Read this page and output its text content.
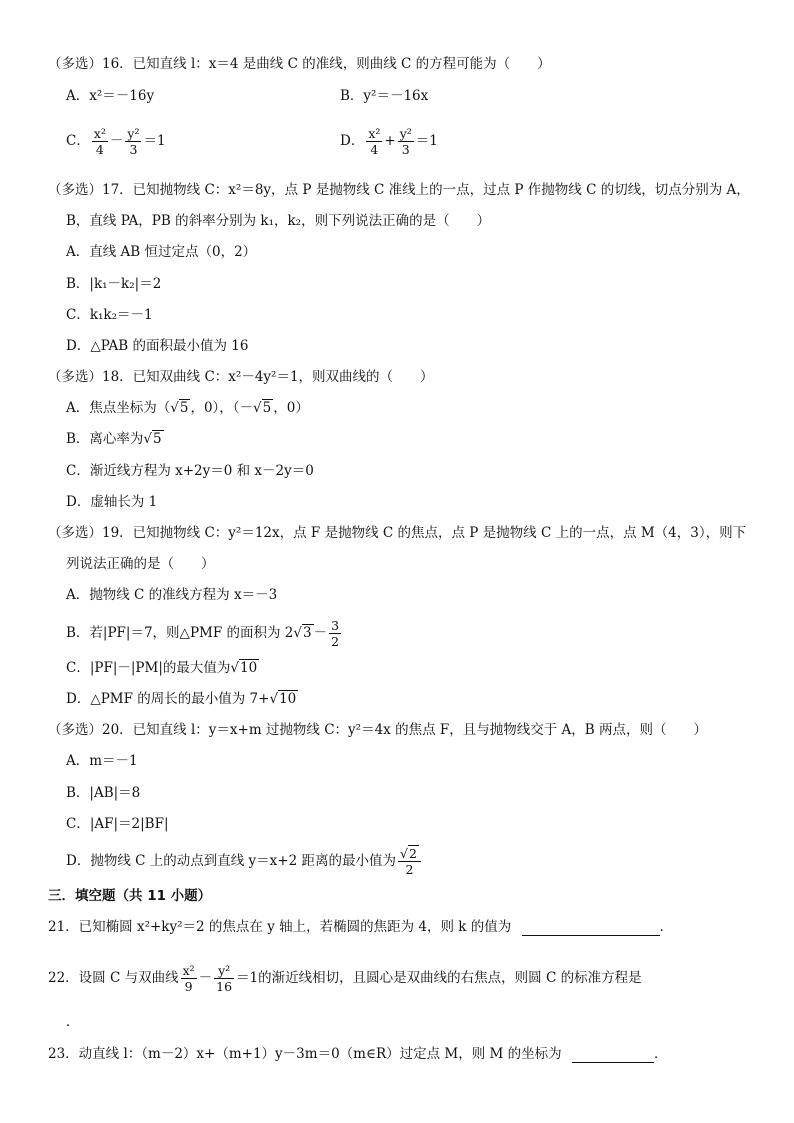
（多选）16．已知直线 l：x＝4 是曲线 C 的准线，则曲线 C 的方程可能为（　　）
A．x²＝－16y	B．y²＝－16x
C． $\frac{\text{x²}}{4} - \frac{\text{y²}}{3} =1$	D． $\frac{\text{x²}}{4} + \frac{\text{y²}}{3} =1$
（多选）17．已知抛物线 C：x²＝8y，点 P 是抛物线 C 准线上的一点，过点 P 作抛物线 C 的切线，切点分别为 A，
B，直线 PA，PB 的斜率分别为 k₁，k₂，则下列说法正确的是（　　）
A．直线 AB 恒过定点（0，2）
B．|k₁－k₂|＝2
C．k₁k₂＝－1
D．△PAB 的面积最小值为 16
（多选）18．已知双曲线 C：x²－4y²＝1，则双曲线的（　　）
A．焦点坐标为（√5 ，0），（－√5 ，0）
B．离心率为√5
C．渐近线方程为 x+2y＝0 和 x－2y＝0
D．虚轴长为 1
（多选）19．已知抛物线 C：y²＝12x，点 F 是抛物线 C 的焦点，点 P 是抛物线 C 上的一点，点 M（4，3），则下
列说法正确的是（　　）
A．抛物线 C 的准线方程为 x＝－3
B．若|PF|＝7，则△PMF 的面积为 $2√3 - \frac{3}{2}$
C．|PF|－|PM|的最大值为√10
D．△PMF 的周长的最小值为 7+√10
（多选）20．已知直线 l：y＝x+m 过抛物线 C：y²＝4x 的焦点 F，且与抛物线交于 A，B 两点，则（　　）
A．m＝－1
B．|AB|＝8
C．|AF|＝2|BF|
D．抛物线 C 上的动点到直线 y＝x+2 距离的最小值为 $\frac{√2}{2}$
三．填空题（共 11 小题）
21．已知椭圆 x²+ky²＝2 的焦点在 y 轴上，若椭圆的焦距为 4，则 k 的值为	．
22．设圆 C 与双曲线 $\frac{\text{x²}}{9} - \frac{\text{y²}}{16} =1$的渐近线相切，且圆心是双曲线的右焦点，则圆 C 的标准方程是
．
23．动直线 l：（m－2）x+（m+1）y－3m＝0（m∈R）过定点 M，则 M 的坐标为	．
